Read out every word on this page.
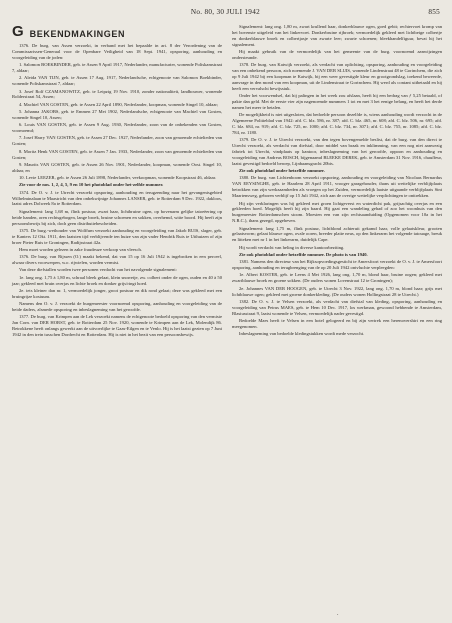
No. 80, 30 JULI 1942	855
G BEKENDMAKINGEN

1376. De burg. van Assen verzoekt, in verband met het bepaalde in art. 8 der Verordening van de Commissarissen-Generaal voor de Openbare Veiligheid van 18 Sept. 1941, opsporing, aanhouding en voorgeleiding van de joden:

1. Salomon BOEKBINDER, geb. te Assen 9 April 1917, Nederlander, manufacturier, wonende Poliskamstraat 7, aldaar;

2. Aleida VAN TIJN, geb. te Assen 17 Aug. 1917, Nederlandsche, echtgenoote van Salomon Boekbinder, wonende Poliskamstraat 7, aldaar;

3. Josef Rolf CZAMANOWITZ, geb. te Leipzig 19 Nov. 1910, zonder nationaliteit, landbouwer, wonende Rolderstraat 54, Assen;

4. Machiel VAN GOSTEN, geb. te Assen 22 April 1890, Nederlander, koopman, wonende Singel 10, aldaar;

5. Johanna JAKOBS, geb. te Emmen 27 Mei 1902, Nederlandsche, echtgenoote van Machiel van Gosten, wonende Singel 10, Assen;

6. Louis VAN GOSTEN, geb. te Assen 9 Aug. 1930, Nederlander, zoon van de onbekenden van Gosten, voornoemd;

7. Josef Harry VAN GOSTEN, geb. te Assen 27 Dec. 1927, Nederlander, zoon van genoemde echtelieden van Gosten;

8. Moritz Henk VAN GOSTEN, geb. te Assen 7 Jan. 1933, Nederlander, zoon van genoemde echtelieden van Gosten;

9. Maurits VAN GOSTEN, geb. te Assen 26 Nov. 1901, Nederlander, koopman, wonende Oost. Singel 10, aldaar, en

10. Levie LEEZER, geb. te Assen 26 Juli 1898, Nederlander, veekoopman, wonende Koopstraat 46, aldaar.

Zie voor de nos. 1, 2, 4, 5, 9 en 10 het photoblad onder het-zelfde nummer.

1374. De O. v. J. te Utrecht verzoekt opsporing, aanhouding en terugzending naar het gevangenisgebied Wilhelminalaan te Maastricht van den onbekwijnige Johannes LANSER, geb. te Rotterdam 9 Dec. 1922, dakloos, laatst adres Dolweek 8a te Rotterdam.

Signalement: lang 1,68 m, flink postuur, zwart haar, lichtbruine ogen, op bovenarm gelijke tatoeëering op beide handen, oren rechtsgebogen, lange broek, bruine schoenen en sokken, overhemd, witte boord. Hij heeft zijn persoonsbewijs bij zich, doch geen distributiebescheiden.

1375. De burg.-wethouder van Wolffum verzoekt aanhouding en voorgeleiding van Jakob RUIS, slager, geb. te Kanters 12 Okt. 1911, den laatsten tijd verblijvende ten huize van zijn vader Hendrik Ruis te Uithuizen of zijn broer Pieter Ruis te Groningen, Radijsstraat 42a.

Hem moet worden gelezen in zake fraudeuze verkoop van vleesch.

1376. De burg. van Rijssen (O.) maakt bekend, dat van 15 op 16 Juli 1942 is ingebroken in een perceel, alwaar divers voorwerpen, w.o. rijwielen, worden vermist.

Van deze diefstallen worden twee personen verdacht van het navolgende signalement:

1e. lang ong. 1,75 à 1,80 m, schraal bleek gelaat, klein snorretje, zw. colbert onder de ogen, ouden en 40 à 50 jaar; gekleed met bruin overjas en lichte broek en donker grijs/ringt hoed.

2e. iets kleiner dan nr. 1, vermoedelijk jonger, groot postuur en dik rond gelaat; deze was gekleed met een bruingrijze kostuum.

Namens den O. v. J. verzoekt de burgemeester voornoemd opsporing, aanhouding en voorgeleiding van de beide daders, alsmede opsporing en inbeslagneming van het geroofde.

1377. De burg. van Krimpen aan de Lek verzoekt namens de echtgenoote bedoeld opsporing van den vermiste Jan Corn. van DER HORST, geb. te Rotterdam 25 Nov. 1920, wonende te Krimpen aan de Lek, Molendijk 86. Betrokkene heeft onlangs gewerkt aan de uitvoerlijke te Gaas-Eilgen en te Venlo. Hij is het laatst gezien op 7 Juni 1942 in den trein tusschen Dordrecht en Rotterdam. Hij is niet in het bezit van een persoonsbewijs.

Signalement: lang ong. 1,80 m, zwart krullend haar, donkerblauwe ogen, goed gebit; rechtervoet kromp van het bovenste uitgeleid van het linkervoet. Donkerbruine rijbroek; vermoedelijk gekleed met lichtbeige colbertje en donkerblauwe broek en colbertjasje van zwarte leer; zwarte schoenen; bleekhandelfiguur, bevat hij het signalement.

Hij maakt gebruik van de vermoedelijk van het gemeente van de burg. voornoemd aanwijzingen ondersteunde.

1378. De burg. van Katwijk verzoekt, als verdacht van oplichting, opsporing, aanhouding en voorgeleiding van een onbekend persoon, zich noemende J. VAN DER SLUIS, wonende Lindenstraat 48 te Gorinchem, die zich op 9 Juli 1942 bij een koopman te Katwijk, bij een weer gevestigde kleur en grootgrondslag, toekend beweerde, aanvrage in den mond van een koopman, uit de Lindenstraat te Gorinchem. Hij werd als contant uitbetaald en hij heeft een vervalscht bewijsstuk.

Onder het voorwendsel, dat hij palingen in het week zou afslaan, heeft hij een bedrag van ƒ 5,25 betaald, of pakte dan geld. Met de eerste vier zijn nagenoemde nummers 1 tot en met 3 het eenige belang, en heeft het derde namen het meer te betalen.

De mogelijkheid is niet uitgesloten, dat bedoelde persoon dezelfde is, wiens aanhouding wordt verzocht in de Algemeene Politieblad van 1942: afd. C. blz. 586, nr. 387; afd. C. blz. 465, nr. 608; afd. C. blz. 506, nr. 695; afd. C. blz. 684, nr. 919; afd. C. blz. 725, nr. 1000; afd. C. blz. 734, nr. 3071; afd. C. blz. 755, nr. 1085; afd. C. blz. 784, nr. 1180.

1379. De O. v. J. te Utrecht verzoekt, van den tegen bovengemelde beslist, dat de burg. van den direct te Utrecht verzoekt, als verdacht van diefstal, door middel van braak en inklimming, van een nog niet aanwezig fabriek tot Utrecht, vindplaats op kantoor, inbeslagneming van het geroofde, oppoon en aanhouding en voorgeleiding van Andreas BOSCH, bijgenaamd BLEEKE DEREK, geb. te Amsterdam 31 Nov. 1916, chauffeur, laatst gevestigd bedoeld beroep, Lijnbaansgracht 20bis.

Zie ook photoblad onder hetzelfde nummer.

1380. De burg. van Lichtenboom verzoekt opsporing, aanhouding en voorgeleiding van Nicolaas Bernardus VAN EEYSINGHE, geb. te Haarlem 28 April 1911, vrooger garagehouder, thans uit wettelijke verblijfplaats betrokken van zijn werkzaamheden als vroegen op het Zuiden, vermoedelijk laatste uitgaande verblijfplaats Sint Maartensweg, geboren verblijf op 15 Juli 1942, zich aan de overige wettelijke verplichtingen te onttrekken.

Hij zijn verklaringen was hij gekleed met groen lichtgeverst en waterdicht pak, grijsachtig overjas en een gekleeden hoed. Mogelijk heeft hij zijn baard. Hij gaat een wandeling gehad of zoo het woonhuis van den burgemeester Rotterdamschen stoom. Moesten een van zijn rechtsaanduiding (Opgenomen voor 10a in het N.R.C.), thans gezegd, opgeheven.

Signalement: lang 1,75 m, flink postuur, lichtblond achteruit gekamd haar, volle gelaatskleur, grooten gelaatsvorm; gelaat blauwe ogen, ovale ooren, breeder platte neus, op den linkerarm het volgende tatouage, breuk en litteken met nr 1 in het linkerarm, duidelijk Cape.

Hij wordt verdacht van heling in diverse kantoorbeziting.

Zie ook photoblad onder hetzelfde nummer. De photo is van 1940.

1381. Namens den directeur van het Rijksopvoedingsgesticht te Amersfoort verzoekt de O. v. J. te Amersfoort opsporing, aanhouding en terugbrenging van de op 20 Juli 1942 ontvluchte verpleegden:

1e. Albert KOSTER, geb. te Leens 4 Mei 1926, lang ong. 1,70 m, blond haar, bruine oogen; gekleed met zwartblauwe broek en groene sokken. (De ouders wonen Lovenstraat 12 te Groningen);

2e. Johannes VAN DER HOOGEN, geb. te Utrecht 3 Nov. 1922, lang ong. 1,70 m, blond haar; grijs met lichtblauwe ogen; gekleed met groene donkerkleding. (De ouders wonen Hollingstraat 28 te Utrecht.)

1382. De O. v. J. te Velsen verzoekt, als verdacht van diefstal van kleding, opsporing, aanhouding en voorgeleiding van Petrus MAES, geb. te Hem 10 Dec. 1917, los werkman, gewoond hebbende te Amsterdam, Blasiusstraat 9, laatst wonende te Velsen, vermoedelijk nader gevestigd.

Bedoelde Maes heeft te Velsen in een hotel gelogeerd en bij zijn vertrek een herenovershirt en een ring meegenomen.

Inbeslagneming van bedoelde kledingstukken wordt mede verzocht.

.
